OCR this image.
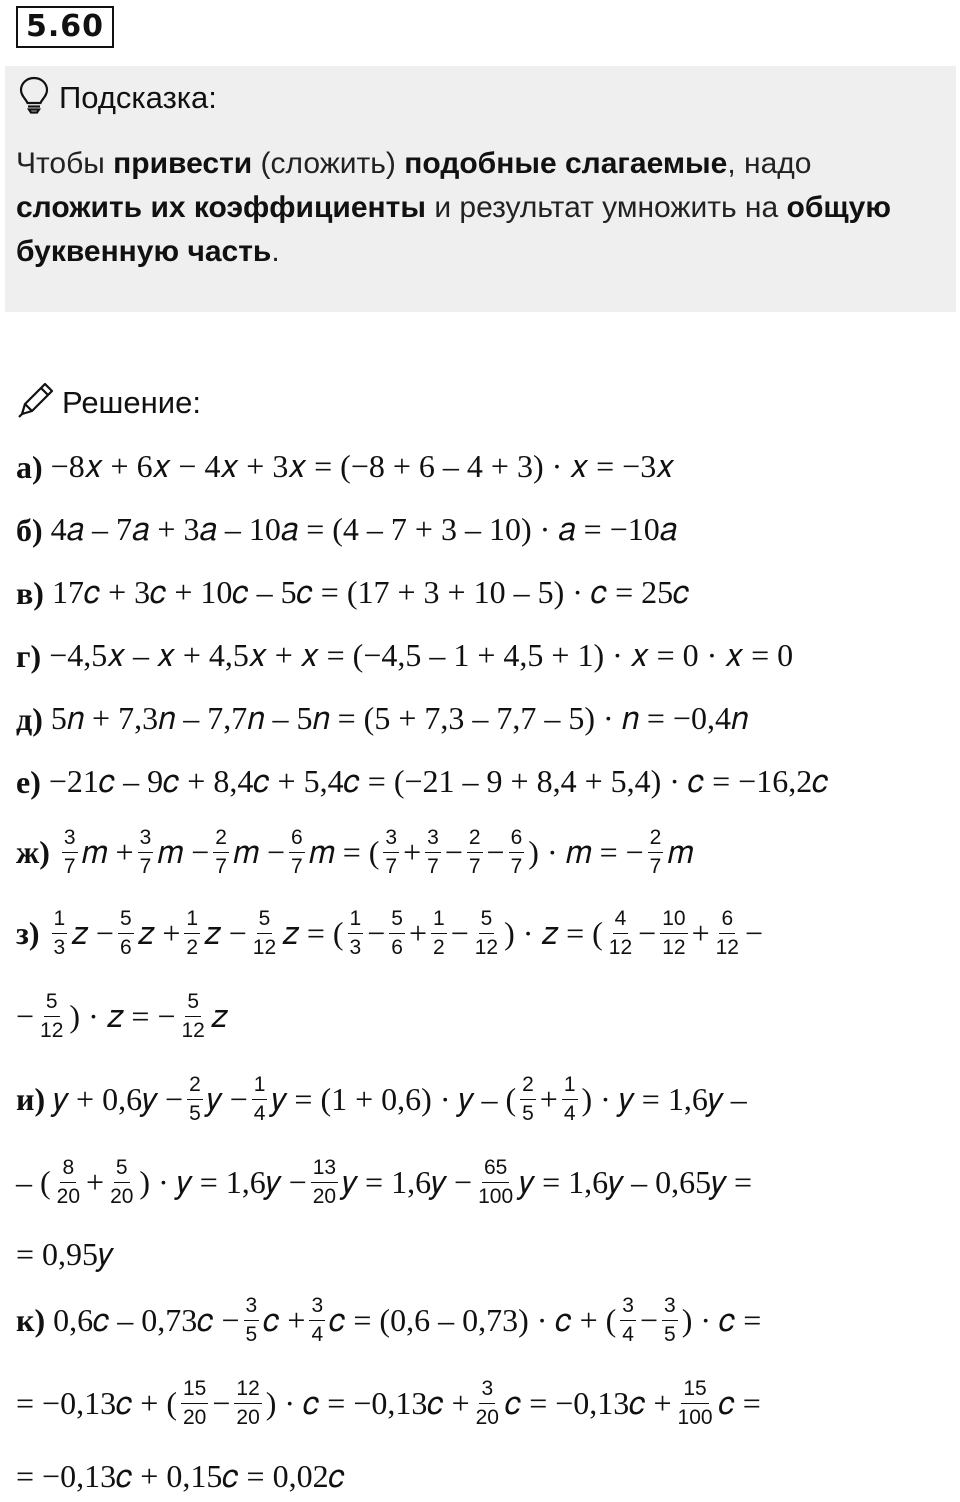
5.60
Подсказка:
Чтобы привести (сложить) подобные слагаемые, надо
сложить их коэффициенты и результат умножить на общую
буквенную часть.
Решение:
а) −8𝑥 + 6𝑥 − 4𝑥 + 3𝑥 = (−8 + 6 – 4 + 3) · 𝑥 = −3𝑥
б) 4𝑎 – 7𝑎 + 3𝑎 – 10𝑎 = (4 – 7 + 3 – 10) · 𝑎 = −10𝑎
в) 17𝑐 + 3𝑐 + 10𝑐 – 5𝑐 = (17 + 3 + 10 – 5) · 𝑐 = 25𝑐
г) −4,5𝑥 – 𝑥 + 4,5𝑥 + 𝑥 = (−4,5 – 1 + 4,5 + 1) · 𝑥 = 0 · 𝑥 = 0
д) 5𝑛 + 7,3𝑛 – 7,7𝑛 – 5𝑛 = (5 + 7,3 – 7,7 – 5) · 𝑛 = −0,4𝑛
е) −21𝑐 – 9𝑐 + 8,4𝑐 + 5,4𝑐 = (−21 – 9 + 8,4 + 5,4) · 𝑐 = −16,2𝑐
ж) 3
7 𝑚 + 3
7 𝑚 − 2
7 𝑚 − 6
7 𝑚 = ( 3
7 + 3
7 − 2
7 − 6
7 ) · 𝑚 = − 2
7 𝑚
з) 1
3 𝑧 − 5
6 𝑧 + 1
2 𝑧 − 5
12 𝑧 = ( 1
3 − 5
6 + 1
2 − 5
12 ) · 𝑧 = ( 4
12 − 10
12 + 6
12 −
− 5
12 ) · 𝑧 = − 5
12 𝑧
и) 𝑦 + 0,6𝑦 − 2
5 𝑦 − 1
4 𝑦 = (1 + 0,6) · 𝑦 – ( 2
5 + 1
4 ) · 𝑦 = 1,6𝑦 –
– ( 8
20 + 5
20 ) · 𝑦 = 1,6𝑦 − 13
20 𝑦 = 1,6𝑦 − 65
100 𝑦 = 1,6𝑦 – 0,65𝑦 =
= 0,95𝑦
к) 0,6𝑐 – 0,73𝑐 − 3
5 𝑐 + 3
4 𝑐 = (0,6 – 0,73) · 𝑐 + ( 3
4 − 3
5 ) · 𝑐 =
= −0,13𝑐 + ( 15
20 − 12
20 ) · 𝑐 = −0,13𝑐 + 3
20 𝑐 = −0,13𝑐 + 15
100 𝑐 =
= −0,13𝑐 + 0,15𝑐 = 0,02𝑐
